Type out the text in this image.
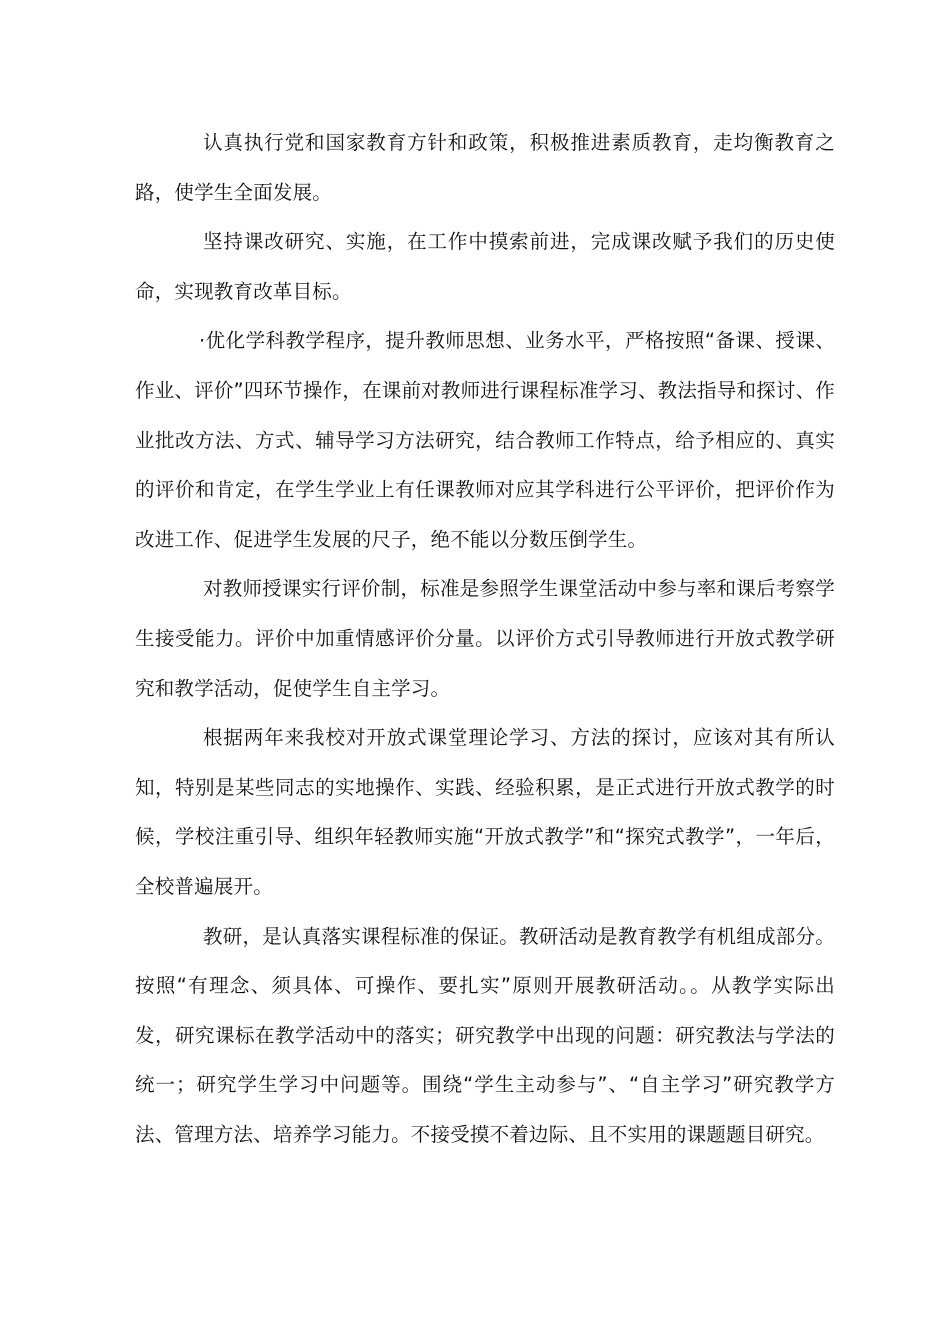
认真执行党和国家教育方针和政策，积极推进素质教育，走均衡教育之路，使学生全面发展。

坚持课改研究、实施，在工作中摸索前进，完成课改赋予我们的历史使命，实现教育改革目标。

·优化学科教学程序，提升教师思想、业务水平，严格按照“备课、授课、作业、评价”四环节操作，在课前对教师进行课程标准学习、教法指导和探讨、作业批改方法、方式、辅导学习方法研究，结合教师工作特点，给予相应的、真实的评价和肯定，在学生学业上有任课教师对应其学科进行公平评价，把评价作为改进工作、促进学生发展的尺子，绝不能以分数压倒学生。

对教师授课实行评价制，标准是参照学生课堂活动中参与率和课后考察学生接受能力。评价中加重情感评价分量。以评价方式引导教师进行开放式教学研究和教学活动，促使学生自主学习。

根据两年来我校对开放式课堂理论学习、方法的探讨，应该对其有所认知，特别是某些同志的实地操作、实践、经验积累，是正式进行开放式教学的时候，学校注重引导、组织年轻教师实施“开放式教学”和“探究式教学”，一年后，全校普遍展开。

教研，是认真落实课程标准的保证。教研活动是教育教学有机组成部分。按照“有理念、须具体、可操作、要扎实”原则开展教研活动。。从教学实际出发，研究课标在教学活动中的落实；研究教学中出现的问题：研究教法与学法的统一；研究学生学习中问题等。围绕“学生主动参与”、“自主学习”研究教学方法、管理方法、培养学习能力。不接受摸不着边际、且不实用的课题题目研究。
